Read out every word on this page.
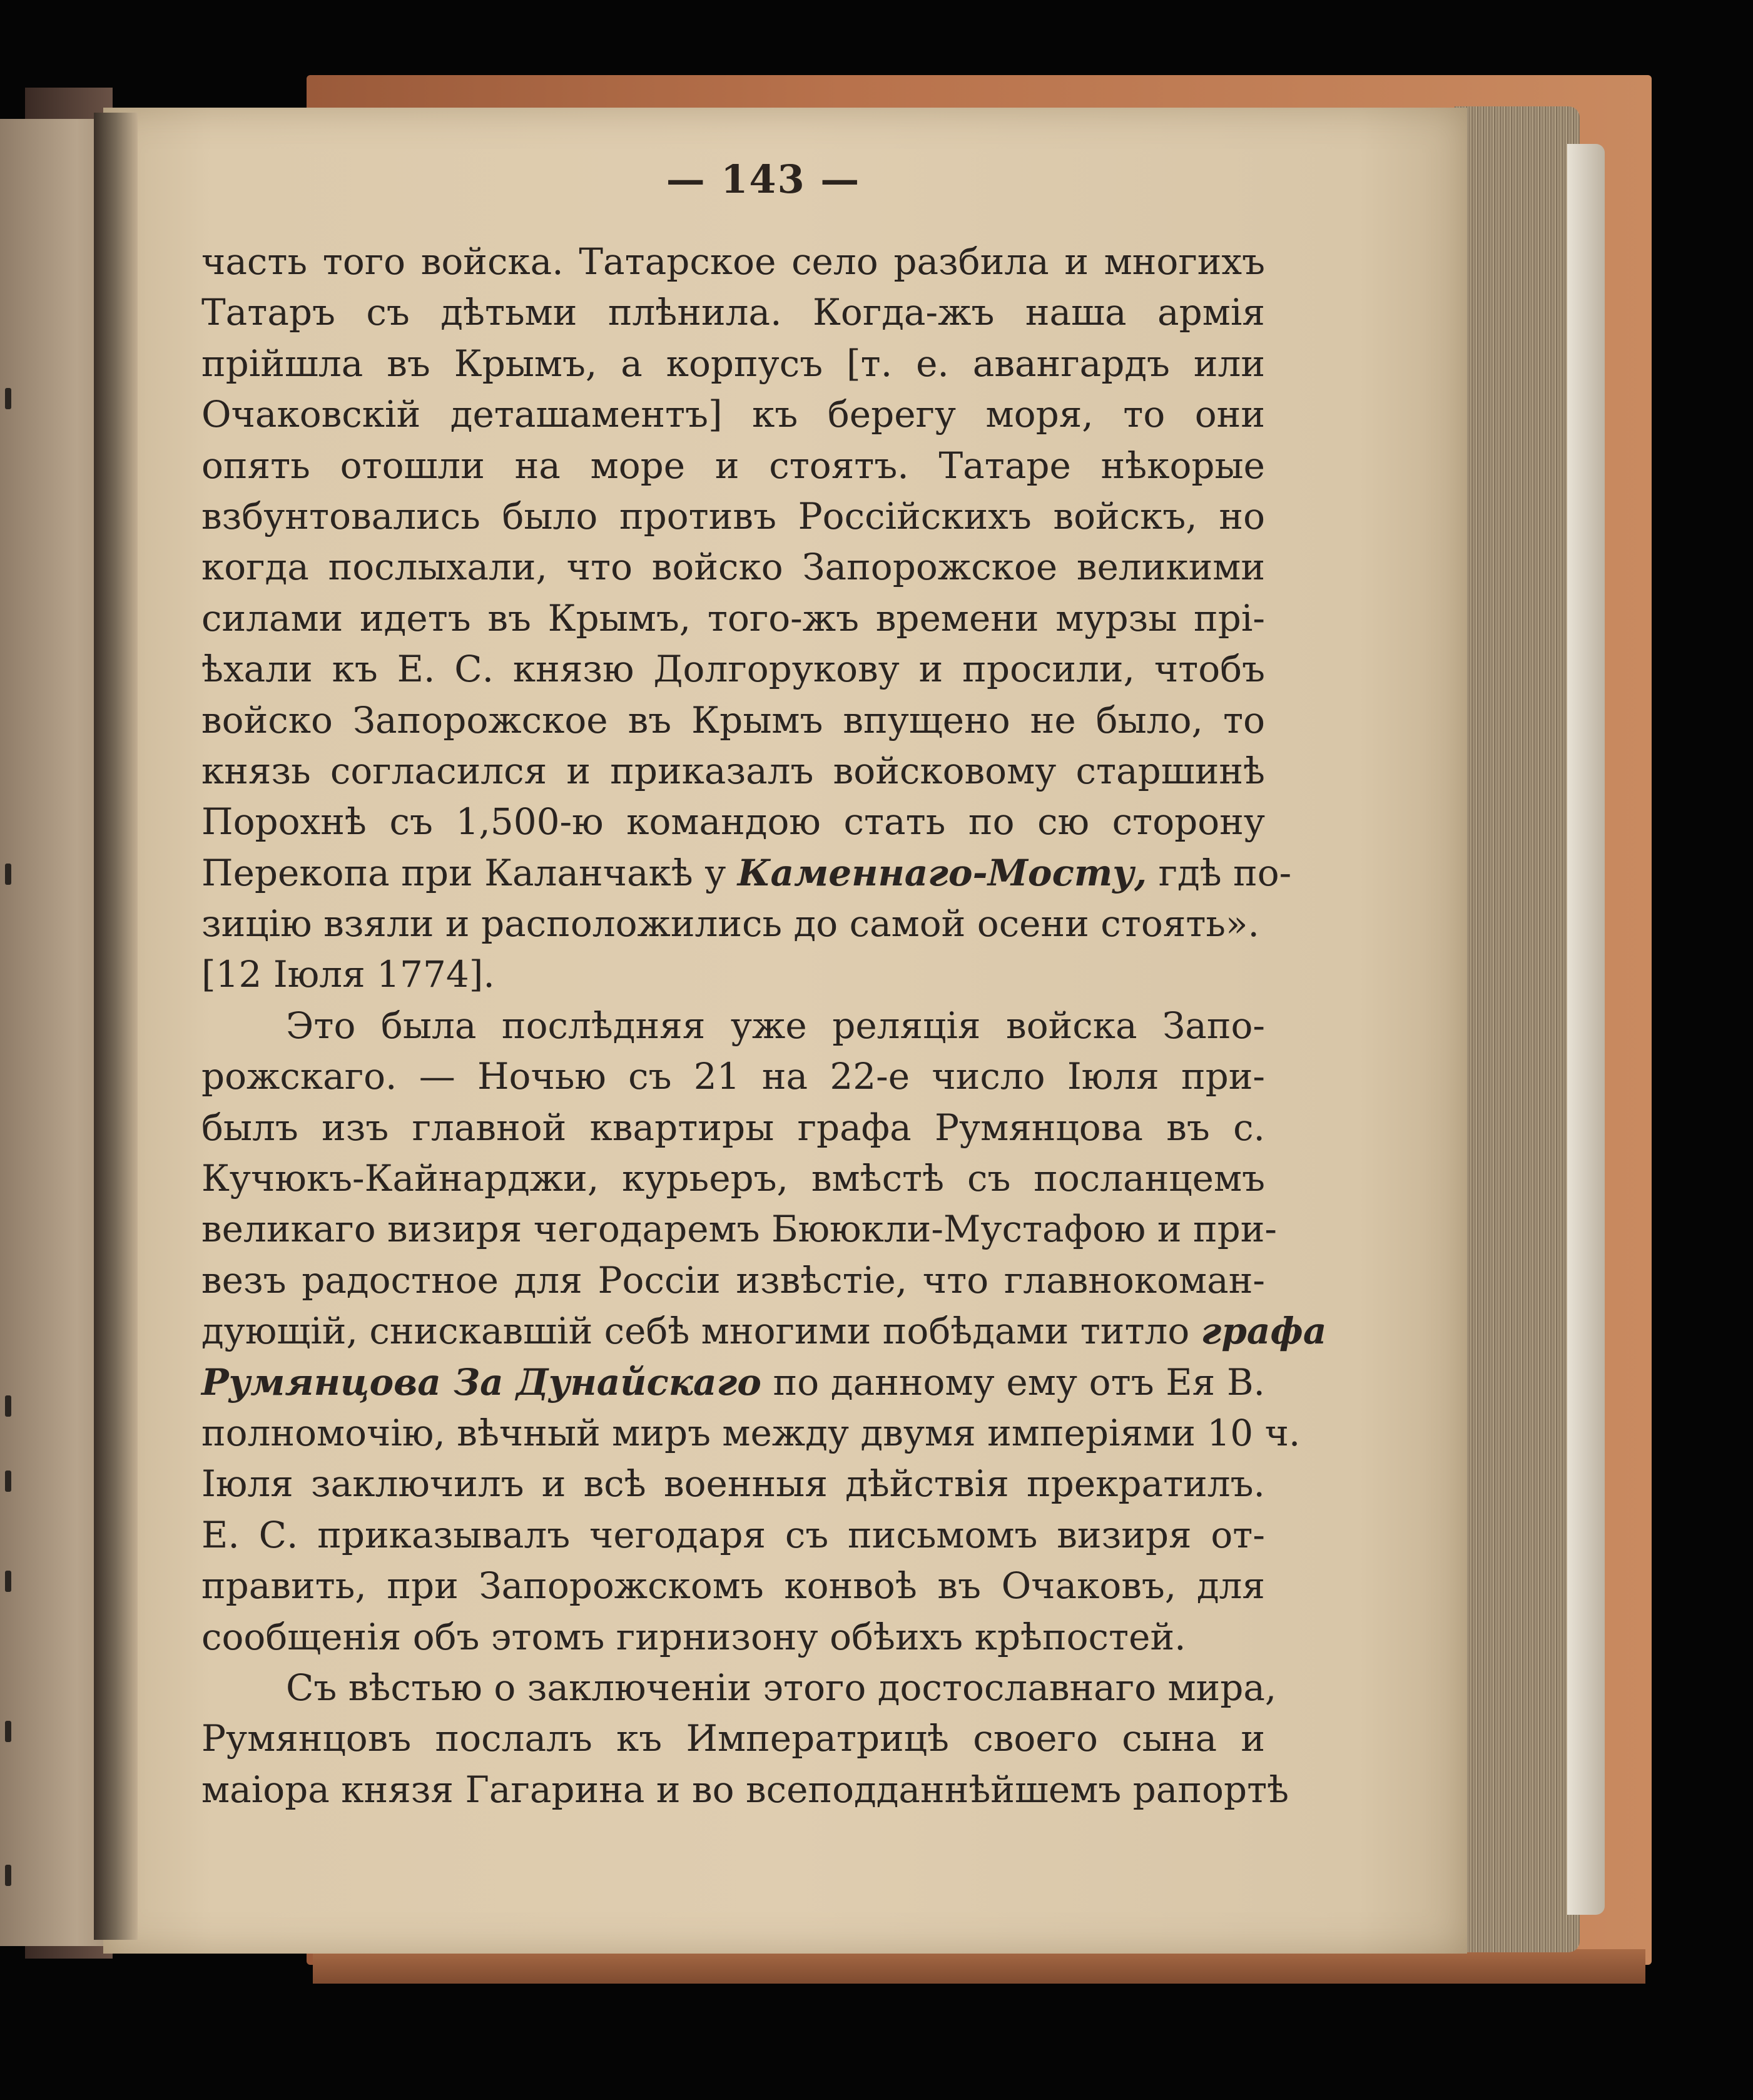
— 143 —
часть того войска. Татарское село разбила и многихъ
Татаръ съ дѣтьми плѣнила. Когда-жъ наша армія
прійшла въ Крымъ, а корпусъ [т. е. авангардъ или
Очаковскій деташаментъ] къ берегу моря, то они
опять отошли на море и стоятъ. Татаре нѣкорые
взбунтовались было противъ Россійскихъ войскъ, но
когда послыхали, что войско Запорожское великими
силами идетъ въ Крымъ, того-жъ времени мурзы прі-
ѣхали къ Е. С. князю Долгорукову и просили, чтобъ
войско Запорожское въ Крымъ впущено не было, то
князь согласился и приказалъ войсковому старшинѣ
Порохнѣ съ 1,500-ю командою стать по сю сторону
Перекопа при Каланчакѣ у Каменнаго-Мосту, гдѣ по-
зицію взяли и расположились до самой осени стоять».
[12 Іюля 1774].
Это была послѣдняя уже реляція войска Запо-
рожскаго. — Ночью съ 21 на 22-е число Іюля при-
былъ изъ главной квартиры графа Румянцова въ с.
Кучюкъ-Кайнарджи, курьеръ, вмѣстѣ съ посланцемъ
великаго визиря чегодаремъ Бююкли-Мустафою и при-
везъ радостное для Россіи извѣстіе, что главнокоман-
дующій, снискавшій себѣ многими побѣдами титло графа
Румянцова За Дунайскаго по данному ему отъ Ея В.
полномочію, вѣчный миръ между двумя имперіями 10 ч.
Іюля заключилъ и всѣ военныя дѣйствія прекратилъ.
Е. С. приказывалъ чегодаря съ письмомъ визиря от-
править, при Запорожскомъ конвоѣ въ Очаковъ, для
сообщенія объ этомъ гирнизону обѣихъ крѣпостей.
Съ вѣстью о заключеніи этого достославнаго мира,
Румянцовъ послалъ къ Императрицѣ своего сына и
маіора князя Гагарина и во всеподданнѣйшемъ рапортѣ
